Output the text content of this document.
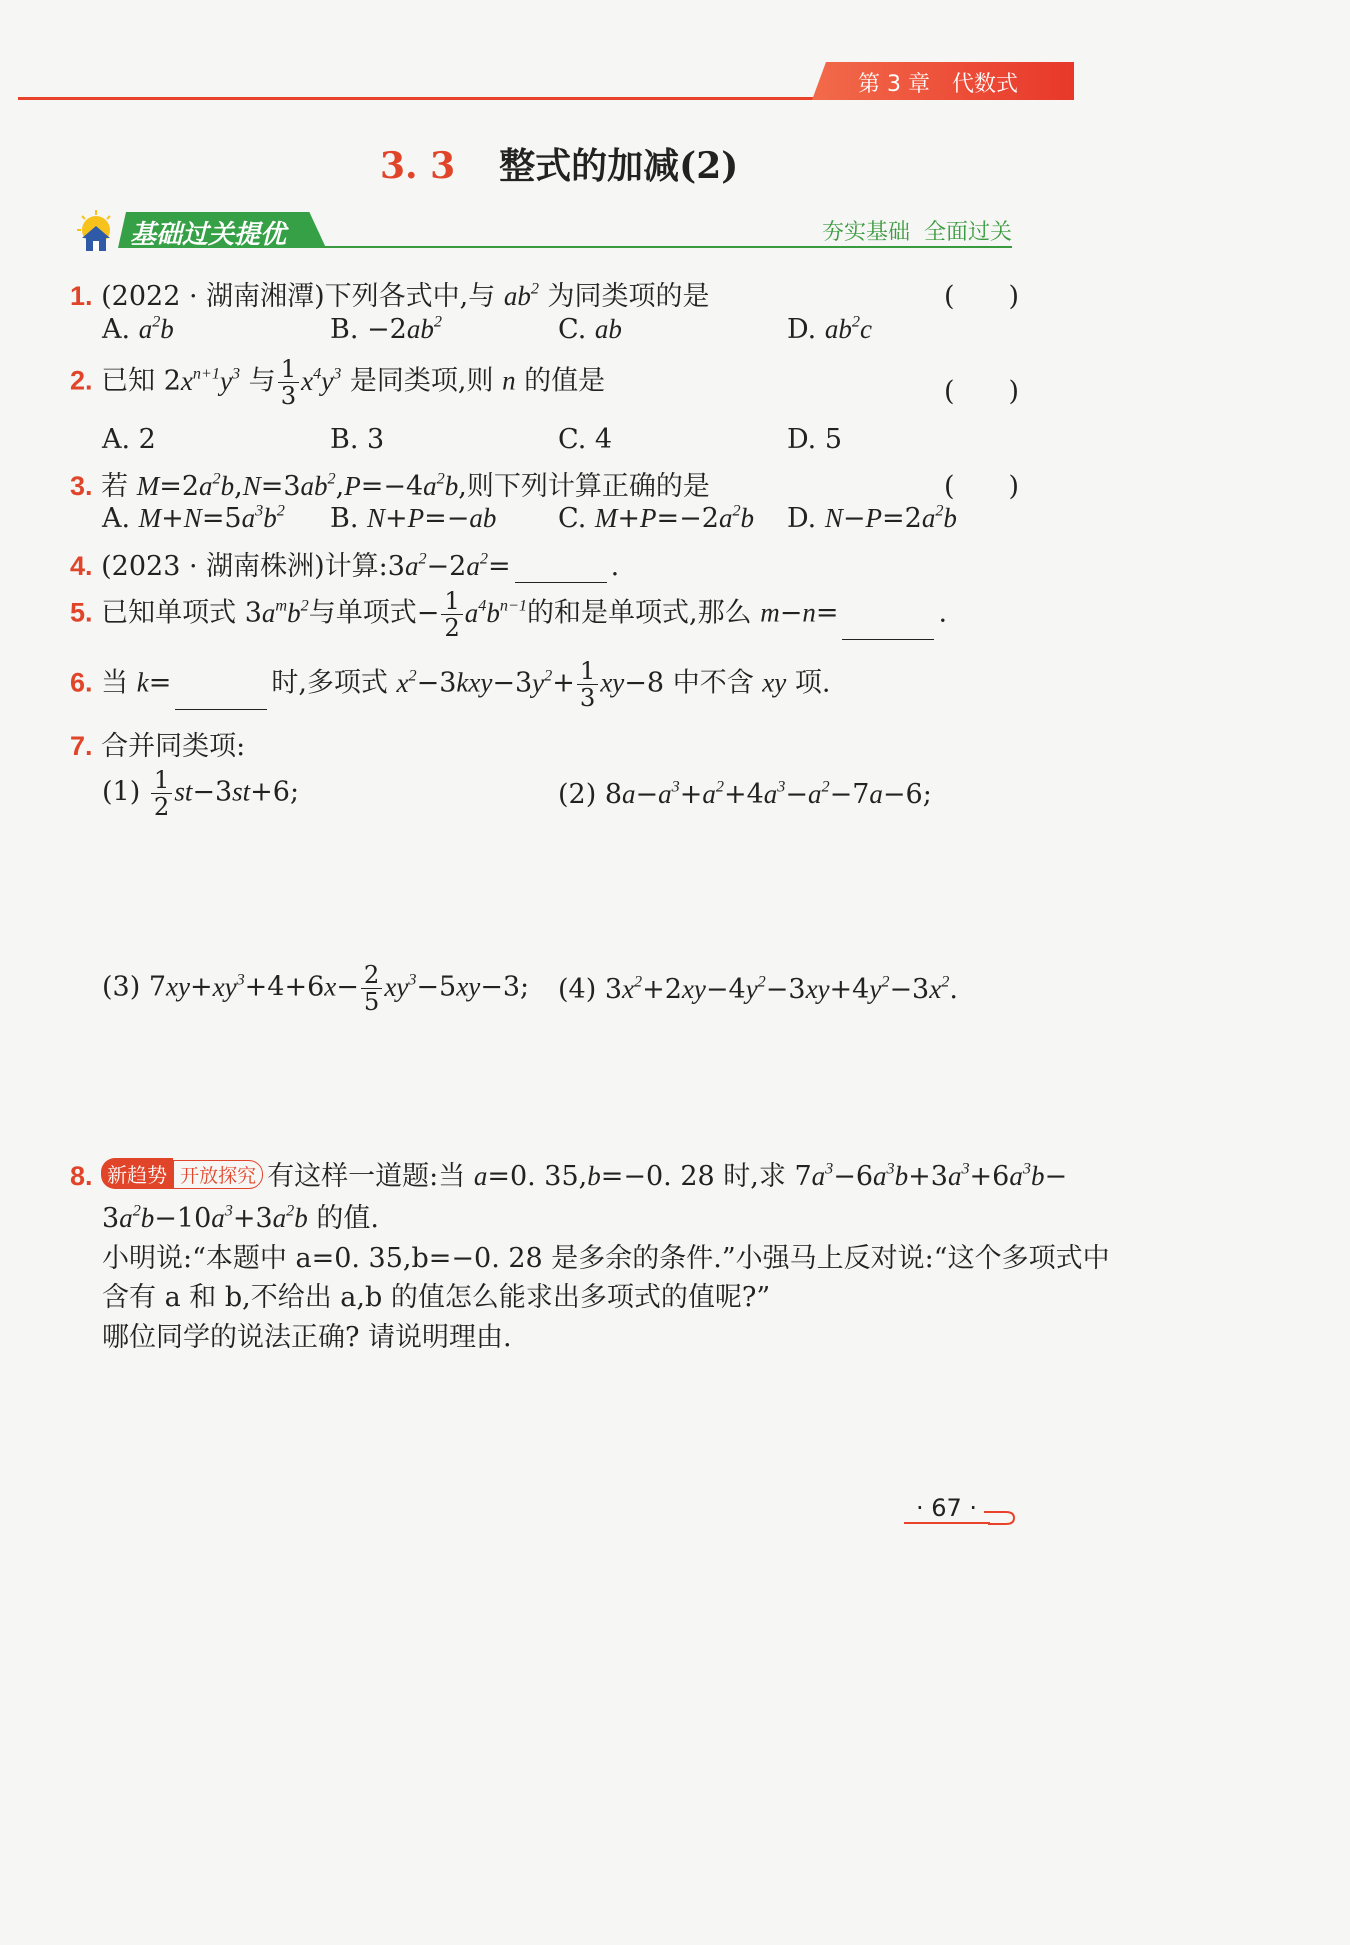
第 3 章　代数式
3. 3 整式的加减(2)
基础过关提优	夯实基础  全面过关
1. (2022 · 湖南湘潭)下列各式中,与 $ab^2$ 为同类项的是	(　　)
A. $a^2b$	B. $-2ab^2$	C. ab	D. $ab^2c$
2. 已知 $2x^{n+1}y^3$ 与 $\frac{1}{3} x^4y^3$ 是同类项,则 n 的值是	(　　)
A. 2	B. 3	C. 4	D. 5
3. 若 $M=2a^2b,N=3ab^2,P=-4a^2b$,则下列计算正确的是	(　　)
A. $M+N=5a^3b^2$ B. N+P=−ab C. $M+P=-2a^2b$ D. $N-P=2a^2b$
4. (2023 · 湖南株洲)计算$:3a^2-2a^2=$	.
5. 已知单项式 $3a^mb^2$与单项式− $\frac{1}{2} a^4b^{n-1}$的和是单项式,那么 m−n=	.
6. 当 k=	时,多项式 $x^2-3kxy-3y^2+ \frac{1}{3} xy-8$ 中不含 xy 项.
7. 合并同类项:
$(1) \frac{1}{2} st-3st+6$;	(2) $8a-a^3+a^2+4a^3-a^2-7a-6$;
(3) $7xy+xy^3+4+6x- \frac{2}{5} xy^3-5xy-3$; (4) $3x^2+2xy-4y^2-3xy+4y^2-3x^2$.
8. 新趋势 开放探究 有这样一道题:当 a=0. 35,b=−0. 28 时,求 $7a^3-6a^3b+3a^3+6a^3b-$
$3a^2b-10a^3+3a^2b$ 的值.
小明说:“本题中 a=0. 35,b=−0. 28 是多余的条件.”小强马上反对说:“这个多项式中
含有 a 和 b,不给出 a,b 的值怎么能求出多项式的值呢?”
哪位同学的说法正确? 请说明理由.
· 67 ·
